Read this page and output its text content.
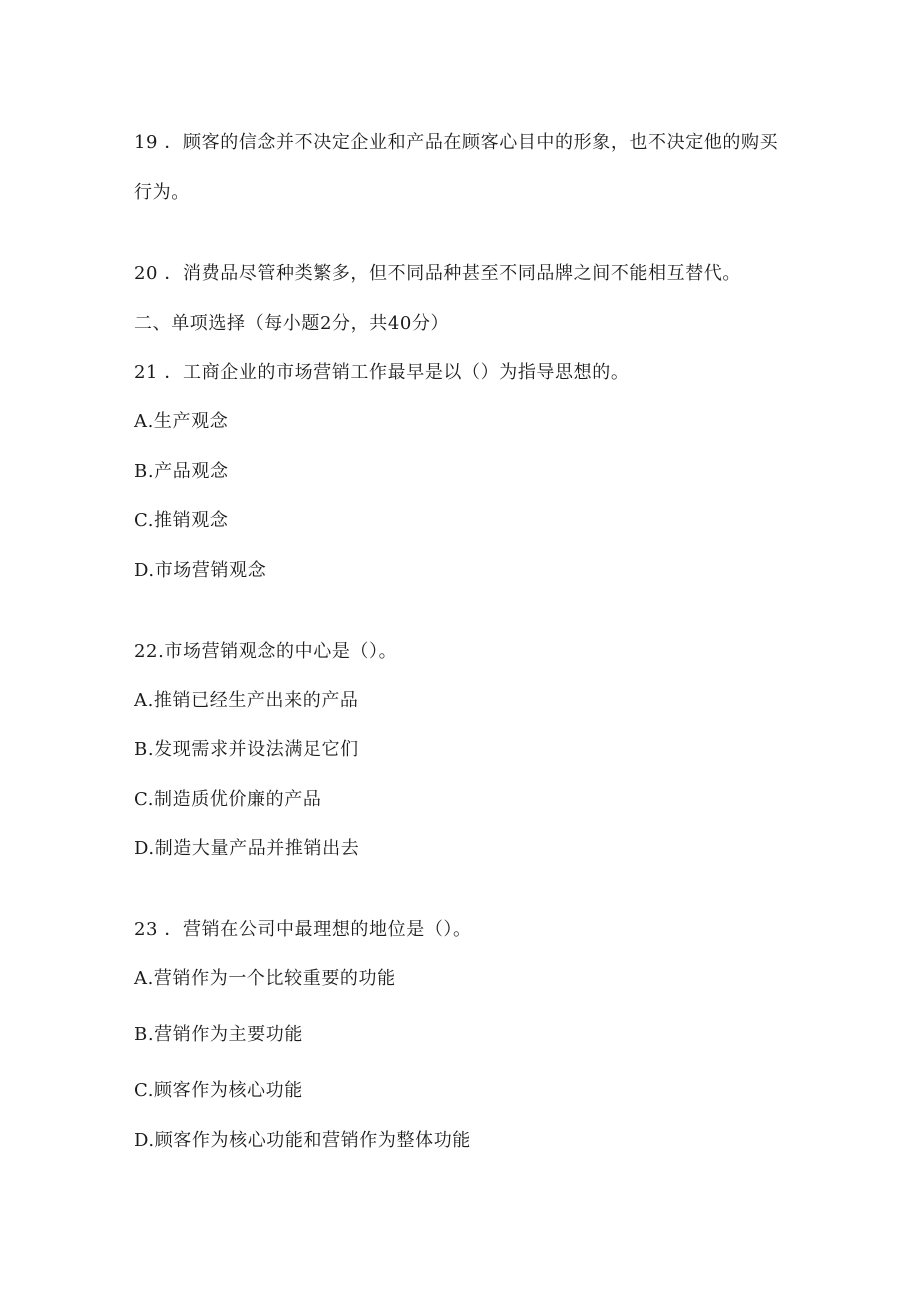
19 ．顾客的信念并不决定企业和产品在顾客心目中的形象，也不决定他的购买
行为。
20 ．消费品尽管种类繁多，但不同品种甚至不同品牌之间不能相互替代。
二、单项选择（每小题2分，共40分）
21 ．工商企业的市场营销工作最早是以（）为指导思想的。
A.生产观念
B.产品观念
C.推销观念
D.市场营销观念
22.市场营销观念的中心是（）。
A.推销已经生产出来的产品
B.发现需求并设法满足它们
C.制造质优价廉的产品
D.制造大量产品并推销出去
23 ．营销在公司中最理想的地位是（）。
A.营销作为一个比较重要的功能
B.营销作为主要功能
C.顾客作为核心功能
D.顾客作为核心功能和营销作为整体功能
